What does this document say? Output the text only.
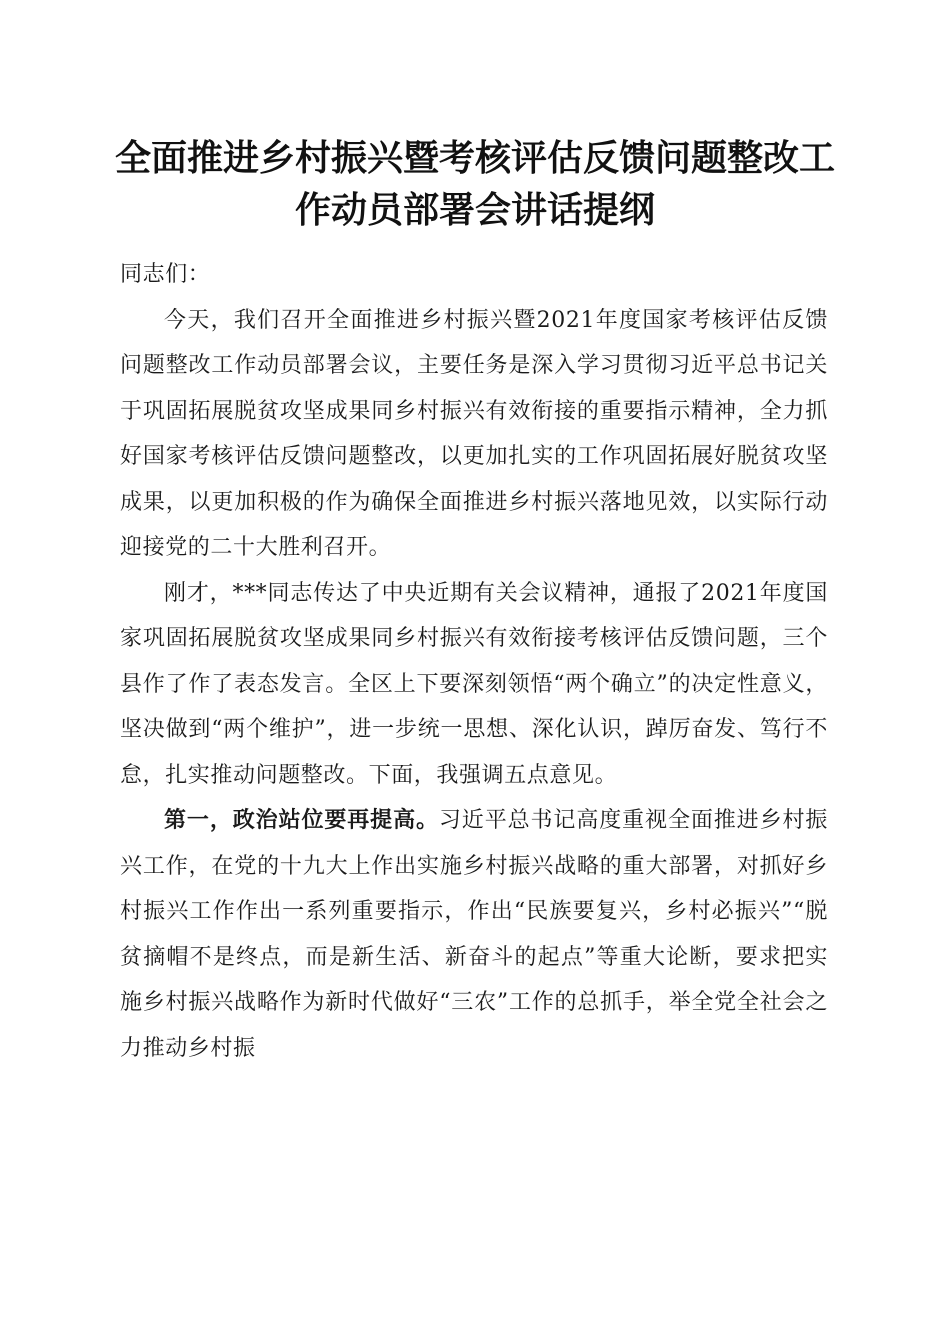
全面推进乡村振兴暨考核评估反馈问题整改工
作动员部署会讲话提纲

同志们：

今天，我们召开全面推进乡村振兴暨2021年度国家考核评估反馈问题整改工作动员部署会议，主要任务是深入学习贯彻习近平总书记关于巩固拓展脱贫攻坚成果同乡村振兴有效衔接的重要指示精神，全力抓好国家考核评估反馈问题整改，以更加扎实的工作巩固拓展好脱贫攻坚成果，以更加积极的作为确保全面推进乡村振兴落地见效，以实际行动迎接党的二十大胜利召开。

刚才，***同志传达了中央近期有关会议精神，通报了2021年度国家巩固拓展脱贫攻坚成果同乡村振兴有效衔接考核评估反馈问题，三个县作了作了表态发言。全区上下要深刻领悟“两个确立”的决定性意义，坚决做到“两个维护”，进一步统一思想、深化认识，踔厉奋发、笃行不怠，扎实推动问题整改。下面，我强调五点意见。

第一，政治站位要再提高。习近平总书记高度重视全面推进乡村振兴工作，在党的十九大上作出实施乡村振兴战略的重大部署，对抓好乡村振兴工作作出一系列重要指示，作出“民族要复兴，乡村必振兴”“脱贫摘帽不是终点，而是新生活、新奋斗的起点”等重大论断，要求把实施乡村振兴战略作为新时代做好“三农”工作的总抓手，举全党全社会之力推动乡村振
